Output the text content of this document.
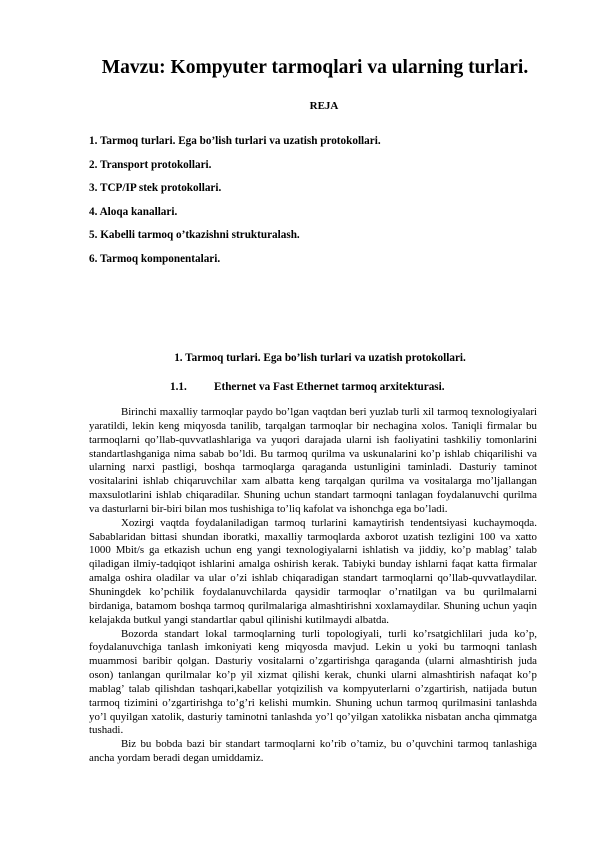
Mavzu: Kompyuter tarmoqlari va ularning turlari.
REJA
1. Tarmoq turlari. Ega bo’lish turlari va uzatish protokollari.
2. Transport protokollari.
3. TCP/IP stek protokollari.
4. Aloqa kanallari.
5. Kabelli tarmoq o’tkazishni strukturalash.
6. Tarmoq komponentalari.
1. Tarmoq turlari. Ega bo’lish turlari va uzatish protokollari.
1.1. Ethernet va Fast Ethernet tarmoq arxitekturasi.

Birinchi maxalliy tarmoqlar paydo bo’lgan vaqtdan beri yuzlab turli xil tarmoq texnologiyalari yaratildi, lekin keng miqyosda tanilib, tarqalgan tarmoqlar bir nechagina xolos. Taniqli firmalar bu tarmoqlarni qo’llab-quvvatlashlariga va yuqori darajada ularni ish faoliyatini tashkiliy tomonlarini standartlashganiga nima sabab bo’ldi. Bu tarmoq qurilma va uskunalarini ko’p ishlab chiqarilishi va ularning narxi pastligi, boshqa tarmoqlarga qaraganda ustunligini taminladi. Dasturiy taminot vositalarini ishlab chiqaruvchilar xam albatta keng tarqalgan qurilma va vositalarga mo’ljallangan maxsulotlarini ishlab chiqaradilar. Shuning uchun standart tarmoqni tanlagan foydalanuvchi qurilma va dasturlarni bir-biri bilan mos tushishiga to’liq kafolat va ishonchga ega bo’ladi.

Xozirgi vaqtda foydalaniladigan tarmoq turlarini kamaytirish tendentsiyasi kuchaymoqda. Sabablaridan bittasi shundan iboratki, maxalliy tarmoqlarda axborot uzatish tezligini 100 va xatto 1000 Mbit/s ga etkazish uchun eng yangi texnologiyalarni ishlatish va jiddiy, ko’p mablag’ talab qiladigan ilmiy-tadqiqot ishlarini amalga oshirish kerak. Tabiyki bunday ishlarni faqat katta firmalar amalga oshira oladilar va ular o’zi ishlab chiqaradigan standart tarmoqlarni qo’llab-quvvatlaydilar. Shuningdek ko’pchilik foydalanuvchilarda qaysidir tarmoqlar o’rnatilgan va bu qurilmalarni birdaniga, batamom boshqa tarmoq qurilmalariga almashtirishni xoxlamaydilar. Shuning uchun yaqin kelajakda butkul yangi standartlar qabul qilinishi kutilmaydi albatda.

Bozorda standart lokal tarmoqlarning turli topologiyali, turli ko’rsatgichlilari juda ko’p, foydalanuvchiga tanlash imkoniyati keng miqyosda mavjud. Lekin u yoki bu tarmoqni tanlash muammosi baribir qolgan. Dasturiy vositalarni o’zgartirishga qaraganda (ularni almashtirish juda oson) tanlangan qurilmalar ko’p yil xizmat qilishi kerak, chunki ularni almashtirish nafaqat ko’p mablag’ talab qilishdan tashqari,kabellar yotqizilish va kompyuterlarni o’zgartirish, natijada butun tarmoq tizimini o’zgartirishga to’g’ri kelishi mumkin. Shuning uchun tarmoq qurilmasini tanlashda yo’l quyilgan xatolik, dasturiy taminotni tanlashda yo’l qo’yilgan xatolikka nisbatan ancha qimmatga tushadi.

Biz bu bobda bazi bir standart tarmoqlarni ko’rib o’tamiz, bu o’quvchini tarmoq tanlashiga ancha yordam beradi degan umiddamiz.
